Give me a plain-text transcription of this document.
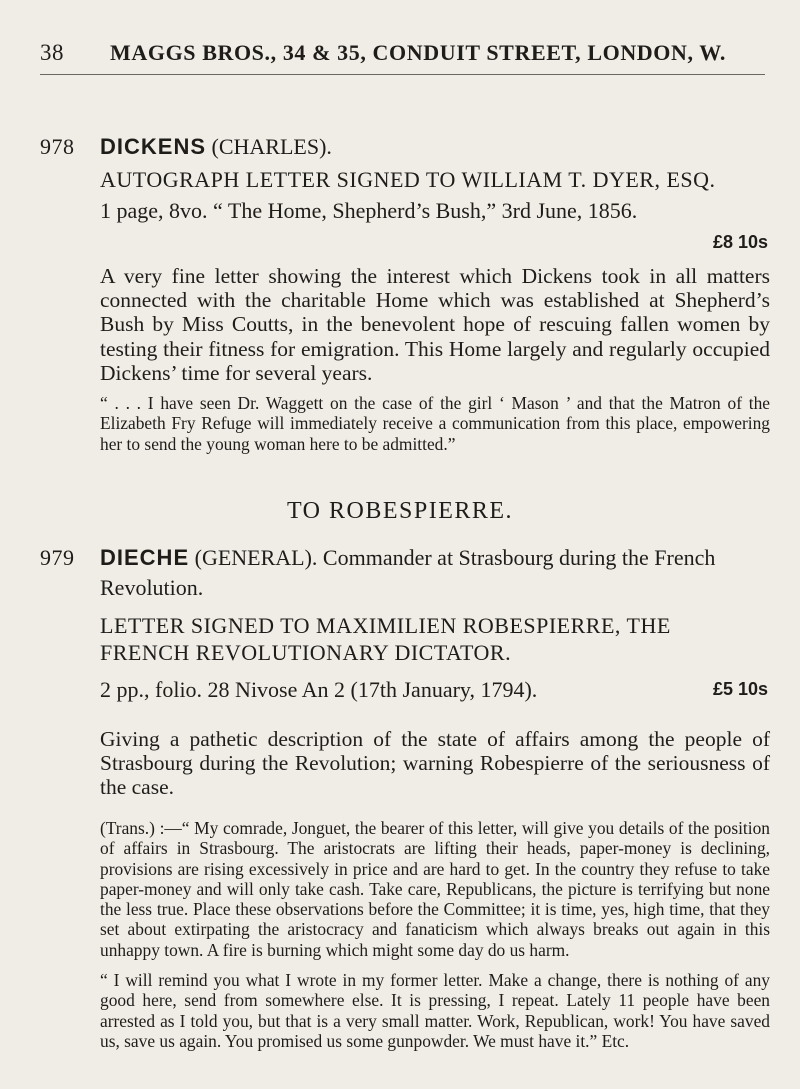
38 MAGGS BROS., 34 & 35, CONDUIT STREET, LONDON, W.
978 DICKENS (CHARLES).
AUTOGRAPH LETTER SIGNED TO WILLIAM T. DYER, ESQ.
1 page, 8vo. “ The Home, Shepherd’s Bush,” 3rd June, 1856.
£8 10s
A very fine letter showing the interest which Dickens took in all matters connected with the charitable Home which was established at Shepherd’s Bush by Miss Coutts, in the benevolent hope of rescuing fallen women by testing their fitness for emigration. This Home largely and regularly occupied Dickens’ time for several years.
“ . . . I have seen Dr. Waggett on the case of the girl ‘ Mason ’ and that the Matron of the Elizabeth Fry Refuge will immediately receive a communication from this place, empowering her to send the young woman here to be admitted.”
TO ROBESPIERRE.
979 DIECHE (GENERAL). Commander at Strasbourg during the French
Revolution.
LETTER SIGNED TO MAXIMILIEN ROBESPIERRE, THE
FRENCH REVOLUTIONARY DICTATOR.
2 pp., folio. 28 Nivose An 2 (17th January, 1794).	£5 10s
Giving a pathetic description of the state of affairs among the people of Strasbourg during the Revolution; warning Robespierre of the seriousness of the case.
(Trans.) :—“ My comrade, Jonguet, the bearer of this letter, will give you details of the position of affairs in Strasbourg. The aristocrats are lifting their heads, paper-money is declining, provisions are rising excessively in price and are hard to get. In the country they refuse to take paper-money and will only take cash. Take care, Republicans, the picture is terrifying but none the less true. Place these observations before the Committee; it is time, yes, high time, that they set about extirpating the aristocracy and fanaticism which always breaks out again in this unhappy town. A fire is burning which might some day do us harm.
“ I will remind you what I wrote in my former letter. Make a change, there is nothing of any good here, send from somewhere else. It is pressing, I repeat. Lately 11 people have been arrested as I told you, but that is a very small matter. Work, Republican, work! You have saved us, save us again. You promised us some gunpowder. We must have it.” Etc.
